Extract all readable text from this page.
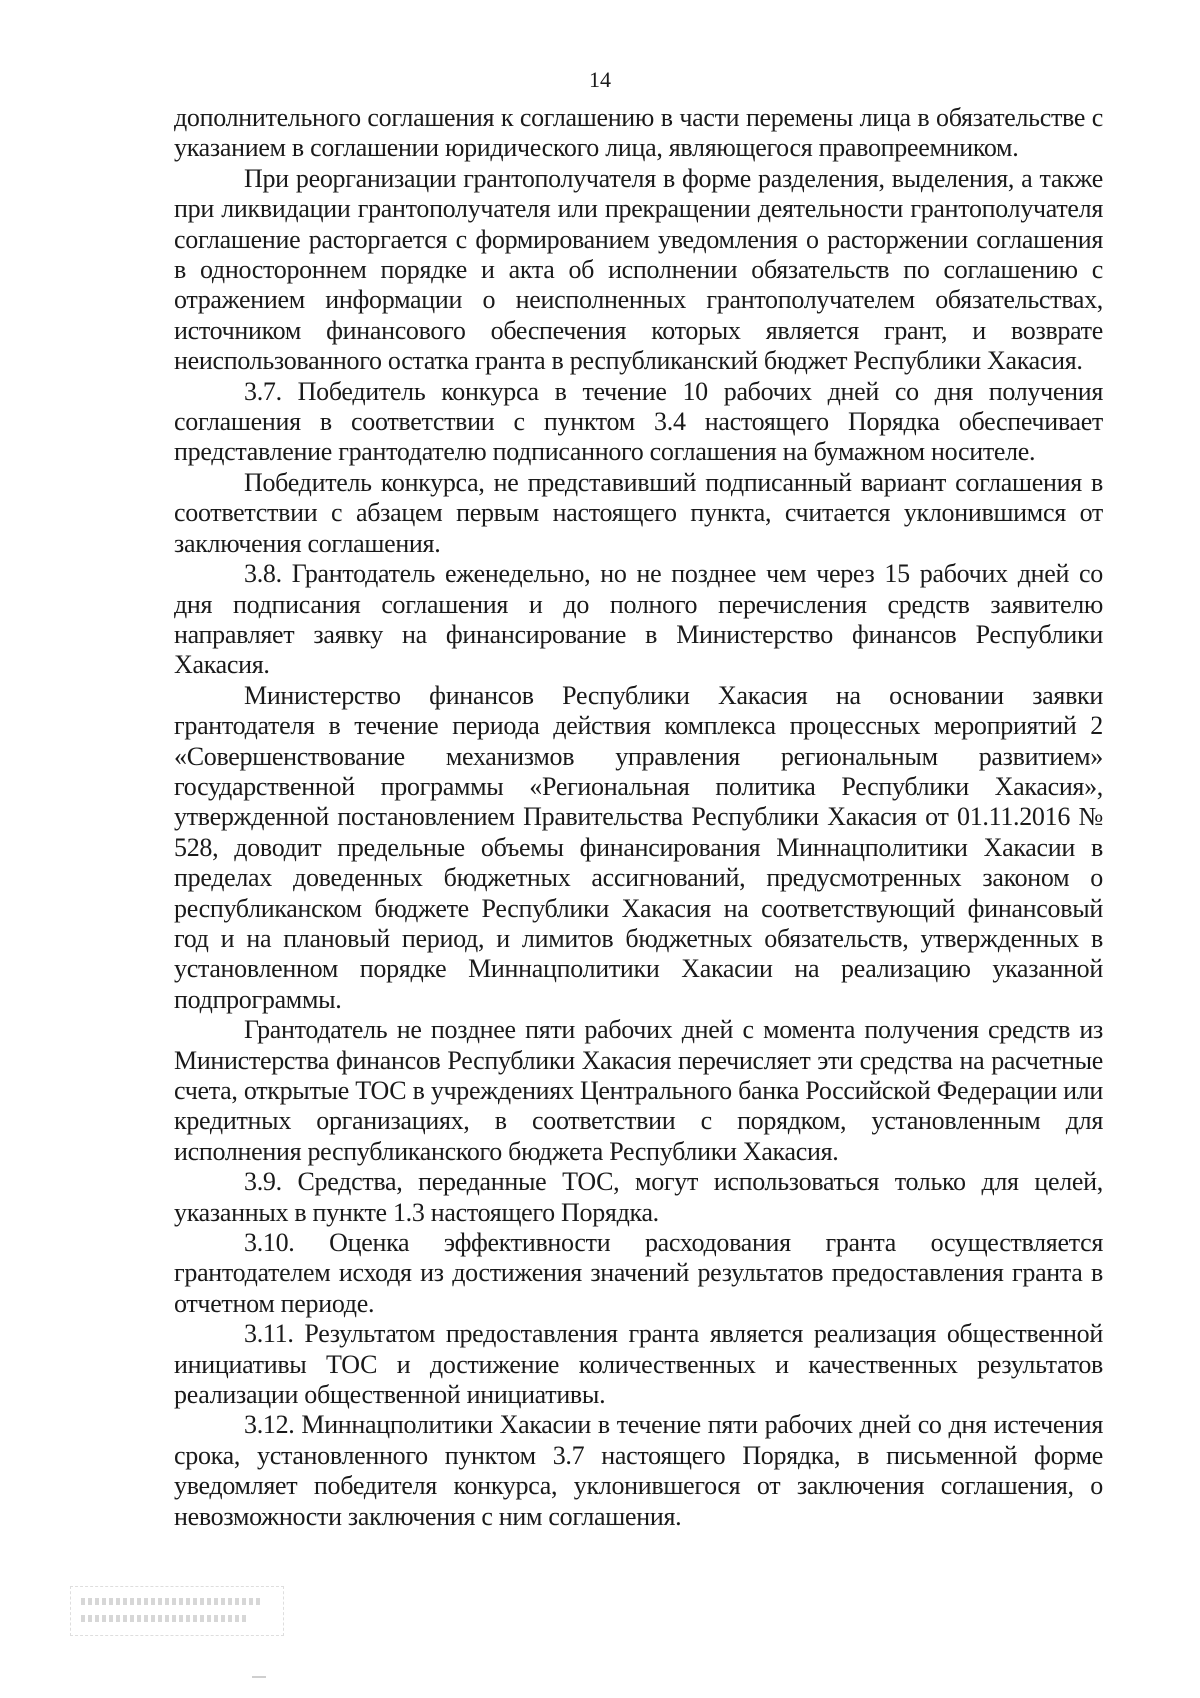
14

дополнительного соглашения к соглашению в части перемены лица в обязательстве с указанием в соглашении юридического лица, являющегося правопреемником.

При реорганизации грантополучателя в форме разделения, выделения, а также при ликвидации грантополучателя или прекращении деятельности грантополучателя соглашение расторгается с формированием уведомления о расторжении соглашения в одностороннем порядке и акта об исполнении обязательств по соглашению с отражением информации о неисполненных грантополучателем обязательствах, источником финансового обеспечения которых является грант, и возврате неиспользованного остатка гранта в республиканский бюджет Республики Хакасия.

3.7. Победитель конкурса в течение 10 рабочих дней со дня получения соглашения в соответствии с пунктом 3.4 настоящего Порядка обеспечивает представление грантодателю подписанного соглашения на бумажном носителе.

Победитель конкурса, не представивший подписанный вариант соглашения в соответствии с абзацем первым настоящего пункта, считается уклонившимся от заключения соглашения.

3.8. Грантодатель еженедельно, но не позднее чем через 15 рабочих дней со дня подписания соглашения и до полного перечисления средств заявителю направляет заявку на финансирование в Министерство финансов Республики Хакасия.

Министерство финансов Республики Хакасия на основании заявки грантодателя в течение периода действия комплекса процессных мероприятий 2 «Совершенствование механизмов управления региональным развитием» государственной программы «Региональная политика Республики Хакасия», утвержденной постановлением Правительства Республики Хакасия от 01.11.2016 № 528, доводит предельные объемы финансирования Миннацполитики Хакасии в пределах доведенных бюджетных ассигнований, предусмотренных законом о республиканском бюджете Республики Хакасия на соответствующий финансовый год и на плановый период, и лимитов бюджетных обязательств, утвержденных в установленном порядке Миннацполитики Хакасии на реализацию указанной подпрограммы.

Грантодатель не позднее пяти рабочих дней с момента получения средств из Министерства финансов Республики Хакасия перечисляет эти средства на расчетные счета, открытые ТОС в учреждениях Центрального банка Российской Федерации или кредитных организациях, в соответствии с порядком, установленным для исполнения республиканского бюджета Республики Хакасия.

3.9. Средства, переданные ТОС, могут использоваться только для целей, указанных в пункте 1.3 настоящего Порядка.

3.10. Оценка эффективности расходования гранта осуществляется грантодателем исходя из достижения значений результатов предоставления гранта в отчетном периоде.

3.11. Результатом предоставления гранта является реализация общественной инициативы ТОС и достижение количественных и качественных результатов реализации общественной инициативы.

3.12. Миннацполитики Хакасии в течение пяти рабочих дней со дня истечения срока, установленного пунктом 3.7 настоящего Порядка, в письменной форме уведомляет победителя конкурса, уклонившегося от заключения соглашения, о невозможности заключения с ним соглашения.
